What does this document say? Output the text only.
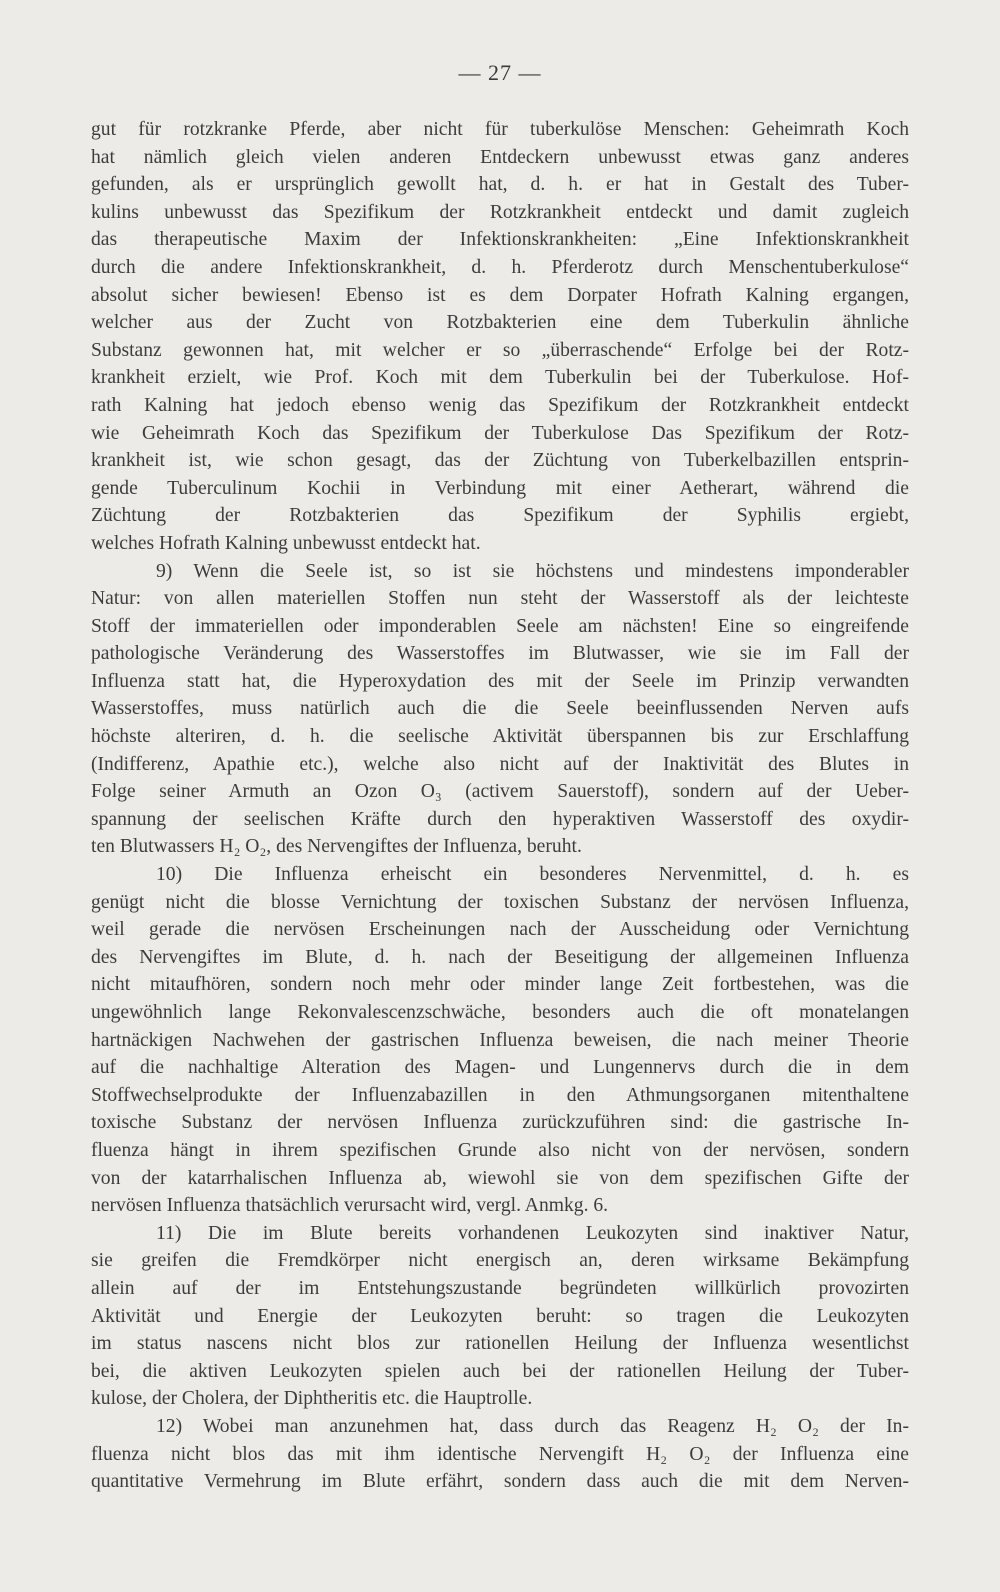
— 27 —
gut für rotzkranke Pferde, aber nicht für tuberkulöse Menschen: Geheimrath Koch
hat nämlich gleich vielen anderen Entdeckern unbewusst etwas ganz anderes
gefunden, als er ursprünglich gewollt hat, d. h. er hat in Gestalt des Tuber-
kulins unbewusst das Spezifikum der Rotzkrankheit entdeckt und damit zugleich
das therapeutische Maxim der Infektionskrankheiten: „Eine Infektionskrankheit
durch die andere Infektionskrankheit, d. h. Pferderotz durch Menschentuberkulose“
absolut sicher bewiesen! Ebenso ist es dem Dorpater Hofrath Kalning ergangen,
welcher aus der Zucht von Rotzbakterien eine dem Tuberkulin ähnliche
Substanz gewonnen hat, mit welcher er so „überraschende“ Erfolge bei der Rotz-
krankheit erzielt, wie Prof. Koch mit dem Tuberkulin bei der Tuberkulose. Hof-
rath Kalning hat jedoch ebenso wenig das Spezifikum der Rotzkrankheit entdeckt
wie Geheimrath Koch das Spezifikum der Tuberkulose Das Spezifikum der Rotz-
krankheit ist, wie schon gesagt, das der Züchtung von Tuberkelbazillen entsprin-
gende Tuberculinum Kochii in Verbindung mit einer Aetherart, während die
Züchtung der Rotzbakterien das Spezifikum der Syphilis ergiebt,
welches Hofrath Kalning unbewusst entdeckt hat.
9) Wenn die Seele ist, so ist sie höchstens und mindestens imponderabler
Natur: von allen materiellen Stoffen nun steht der Wasserstoff als der leichteste
Stoff der immateriellen oder imponderablen Seele am nächsten! Eine so eingreifende
pathologische Veränderung des Wasserstoffes im Blutwasser, wie sie im Fall der
Influenza statt hat, die Hyperoxydation des mit der Seele im Prinzip verwandten
Wasserstoffes, muss natürlich auch die die Seele beeinflussenden Nerven aufs
höchste alteriren, d. h. die seelische Aktivität überspannen bis zur Erschlaffung
(Indifferenz, Apathie etc.), welche also nicht auf der Inaktivität des Blutes in
Folge seiner Armuth an Ozon O₃ (activem Sauerstoff), sondern auf der Ueber-
spannung der seelischen Kräfte durch den hyperaktiven Wasserstoff des oxydir-
ten Blutwassers H₂ O₂, des Nervengiftes der Influenza, beruht.
10) Die Influenza erheischt ein besonderes Nervenmittel, d. h. es
genügt nicht die blosse Vernichtung der toxischen Substanz der nervösen Influenza,
weil gerade die nervösen Erscheinungen nach der Ausscheidung oder Vernichtung
des Nervengiftes im Blute, d. h. nach der Beseitigung der allgemeinen Influenza
nicht mitaufhören, sondern noch mehr oder minder lange Zeit fortbestehen, was die
ungewöhnlich lange Rekonvalescenzschwäche, besonders auch die oft monatelangen
hartnäckigen Nachwehen der gastrischen Influenza beweisen, die nach meiner Theorie
auf die nachhaltige Alteration des Magen- und Lungennervs durch die in dem
Stoffwechselprodukte der Influenzabazillen in den Athmungsorganen mitenthaltene
toxische Substanz der nervösen Influenza zurückzuführen sind: die gastrische In-
fluenza hängt in ihrem spezifischen Grunde also nicht von der nervösen, sondern
von der katarrhalischen Influenza ab, wiewohl sie von dem spezifischen Gifte der
nervösen Influenza thatsächlich verursacht wird, vergl. Anmkg. 6.
11) Die im Blute bereits vorhandenen Leukozyten sind inaktiver Natur,
sie greifen die Fremdkörper nicht energisch an, deren wirksame Bekämpfung
allein auf der im Entstehungszustande begründeten willkürlich provozirten
Aktivität und Energie der Leukozyten beruht: so tragen die Leukozyten
im status nascens nicht blos zur rationellen Heilung der Influenza wesentlichst
bei, die aktiven Leukozyten spielen auch bei der rationellen Heilung der Tuber-
kulose, der Cholera, der Diphtheritis etc. die Hauptrolle.
12) Wobei man anzunehmen hat, dass durch das Reagenz H₂ O₂ der In-
fluenza nicht blos das mit ihm identische Nervengift H₂ O₂ der Influenza eine
quantitative Vermehrung im Blute erfährt, sondern dass auch die mit dem Nerven-
